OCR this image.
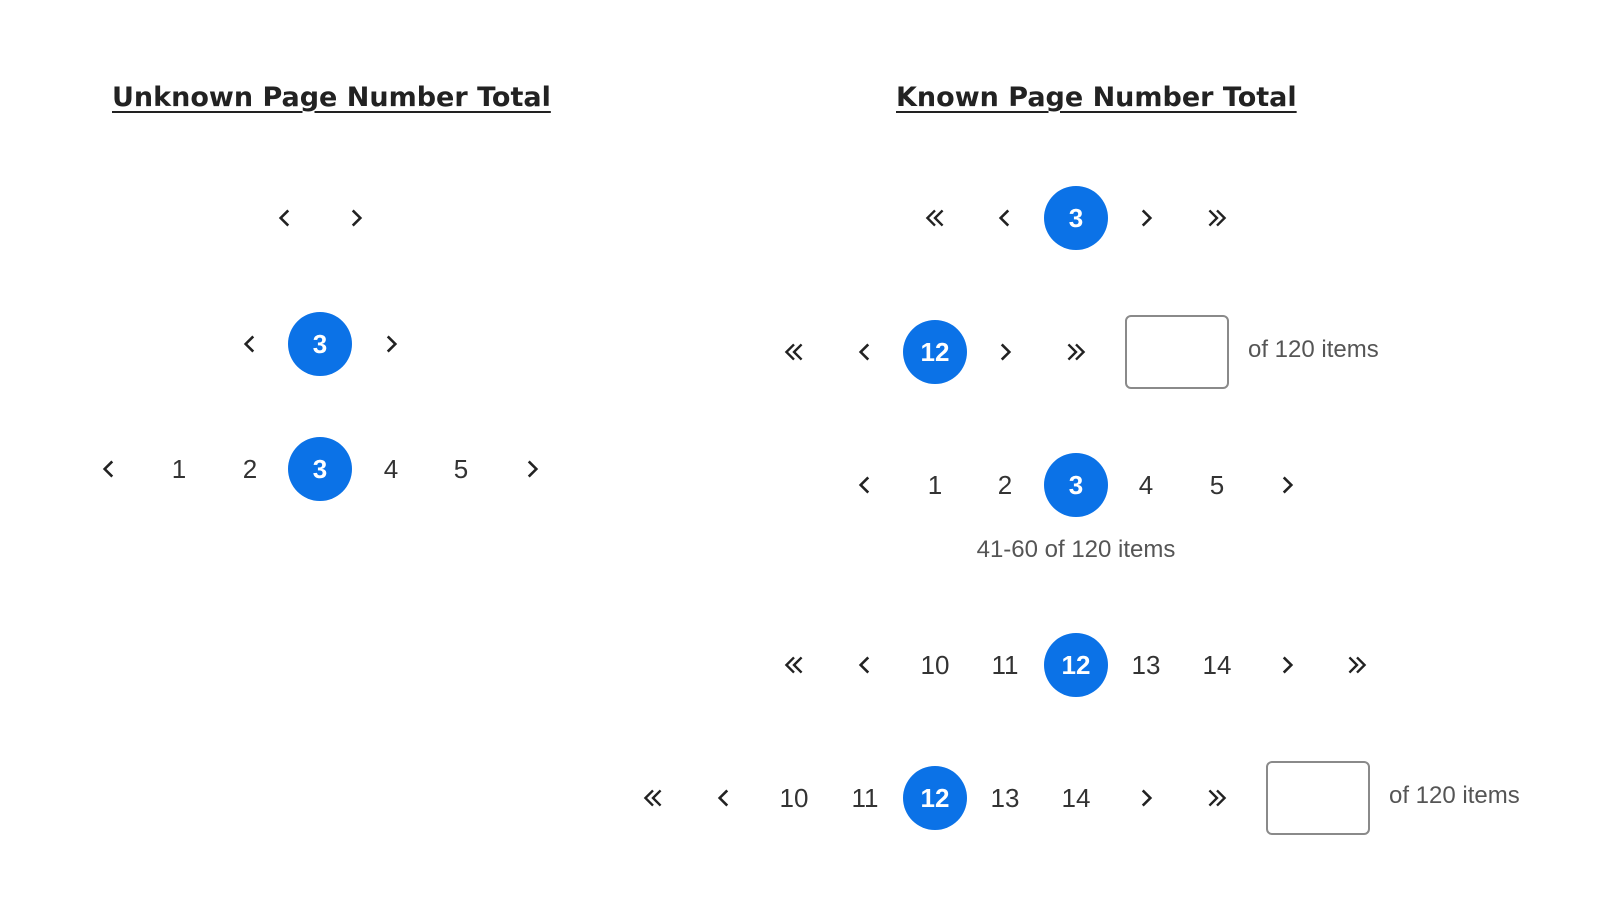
Unknown Page Number Total	Known Page Number Total
3
1	2	3	4	5
3
12	of 120 items
1	2	3	4	5
41-60 of 120 items
10	11	12	13	14
10	11	12	13	14	of 120 items
